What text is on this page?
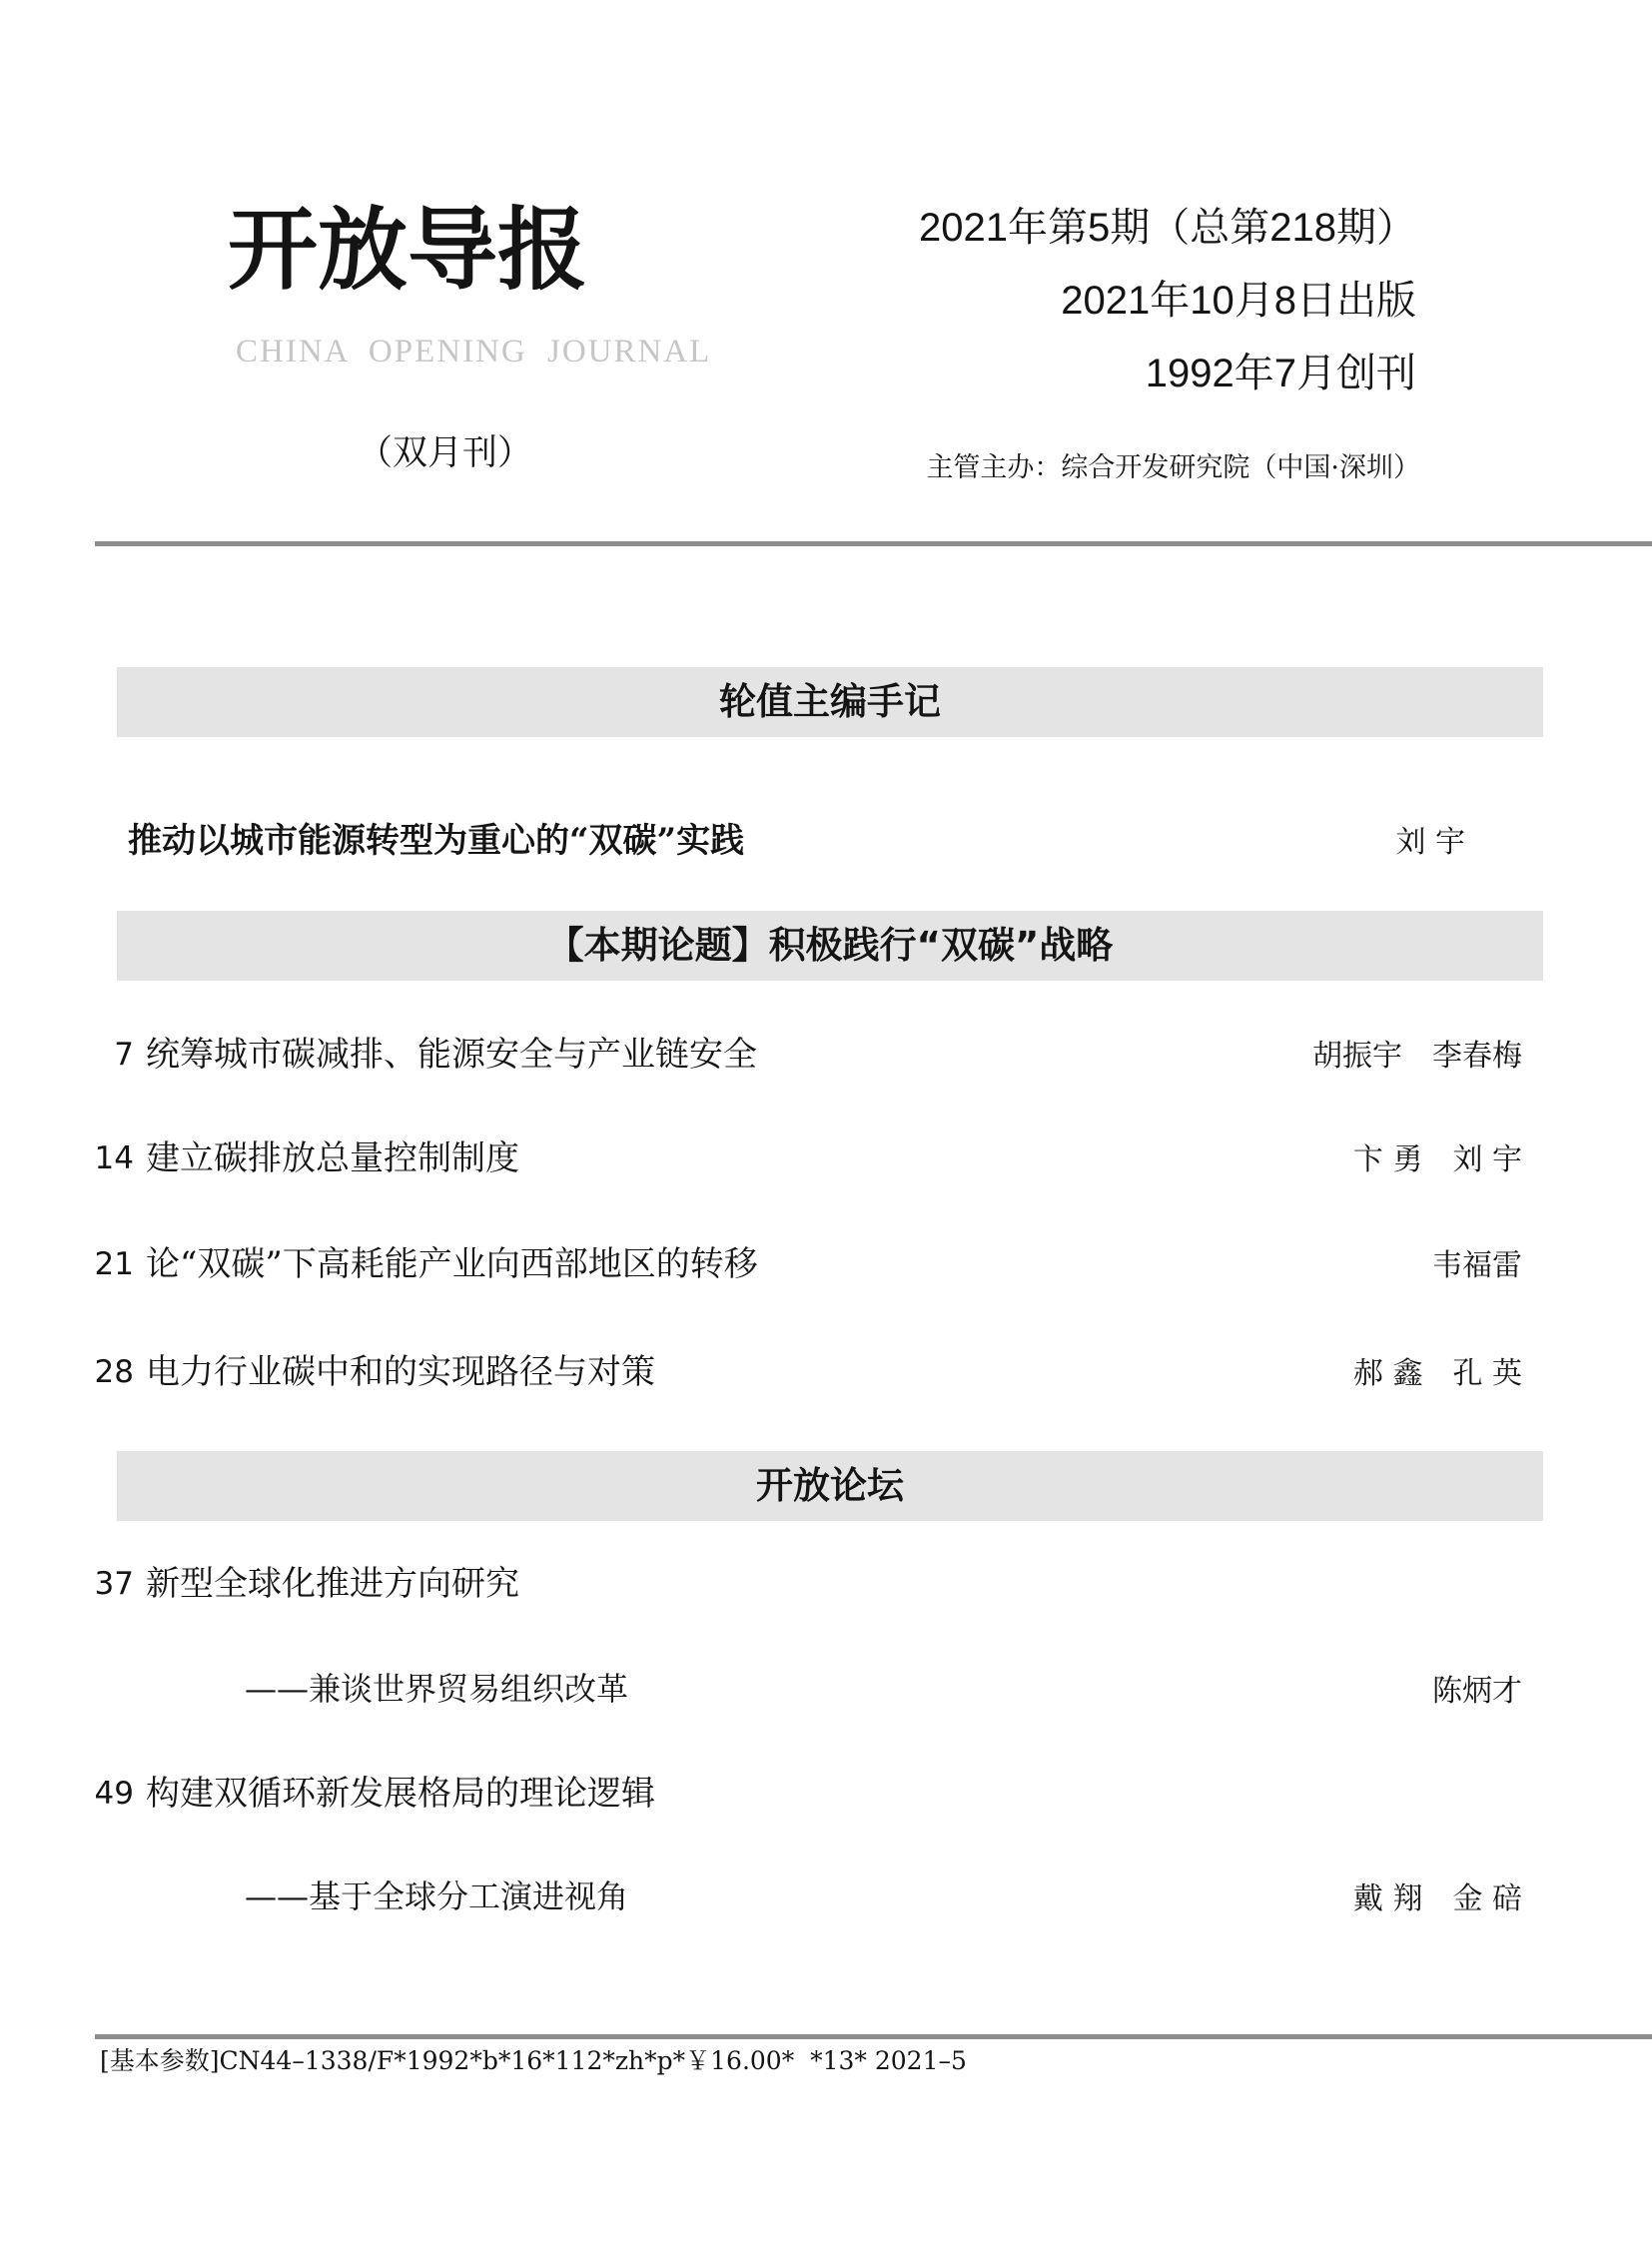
开放导报
CHINA OPENING JOURNAL
（双月刊）
2021年第5期（总第218期）
2021年10月8日出版
1992年7月创刊
主管主办：综合开发研究院（中国·深圳）
轮值主编手记
推动以城市能源转型为重心的“双碳”实践	刘 宇
【本期论题】积极践行“双碳”战略
7 统筹城市碳减排、能源安全与产业链安全	胡振宇　李春梅
14 建立碳排放总量控制制度	卞 勇　刘 宇
21 论“双碳”下高耗能产业向西部地区的转移	韦福雷
28 电力行业碳中和的实现路径与对策	郝 鑫　孔 英
开放论坛
37 新型全球化推进方向研究
——兼谈世界贸易组织改革	陈炳才
49 构建双循环新发展格局的理论逻辑
——基于全球分工演进视角	戴 翔　金 碚
[基本参数]CN44–1338/F*1992*b*16*112*zh*p*￥16.00*  *13* 2021–5
